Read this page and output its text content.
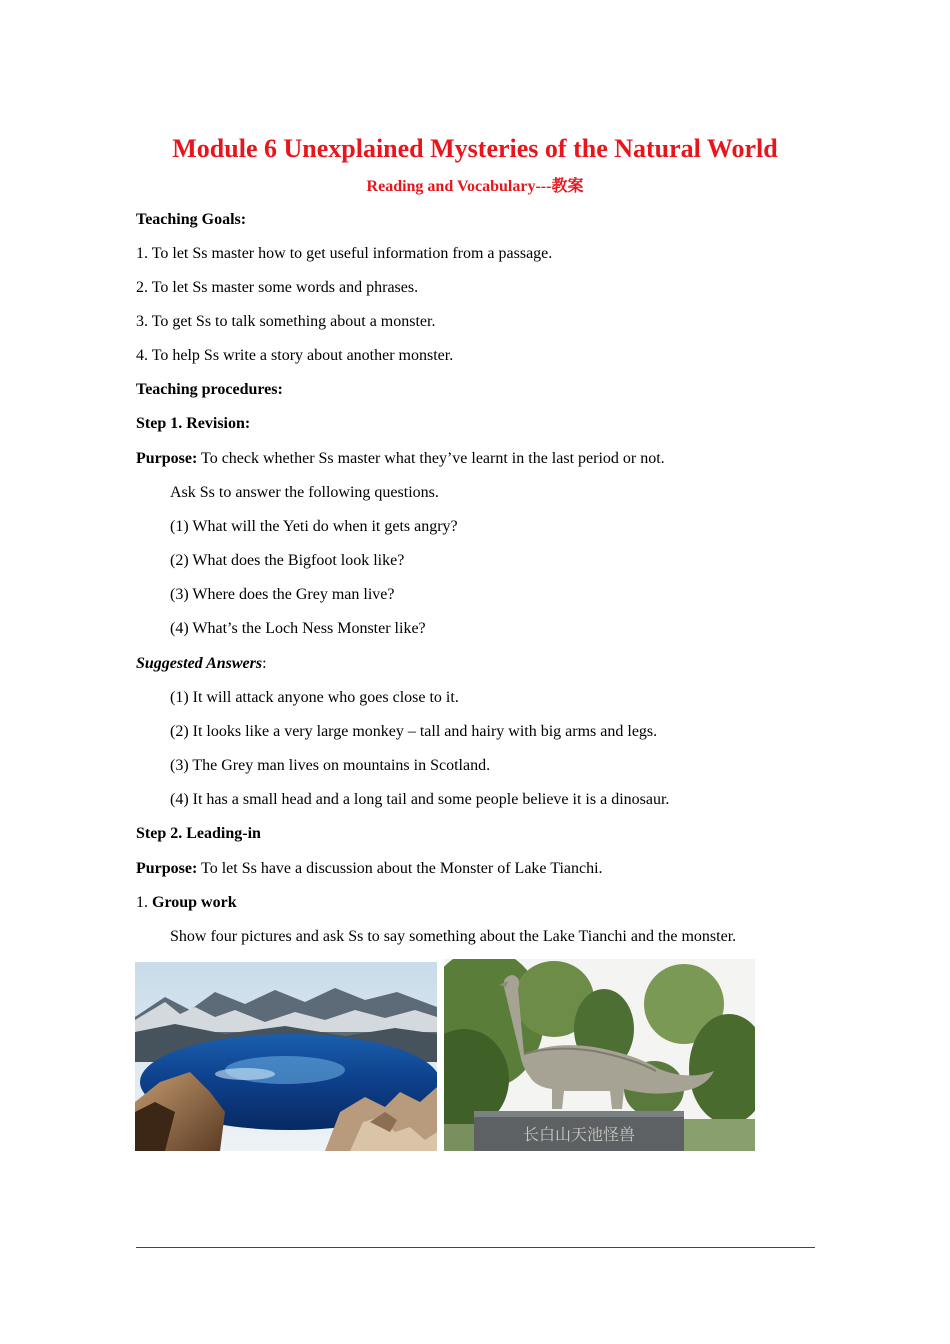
Module 6 Unexplained Mysteries of the Natural World
Reading and Vocabulary---教案
Teaching Goals:
1. To let Ss master how to get useful information from a passage.
2. To let Ss master some words and phrases.
3. To get Ss to talk something about a monster.
4. To help Ss write a story about another monster.
Teaching procedures:
Step 1. Revision:
Purpose: To check whether Ss master what they’ve learnt in the last period or not.
Ask Ss to answer the following questions.
(1) What will the Yeti do when it gets angry?
(2) What does the Bigfoot look like?
(3) Where does the Grey man live?
(4) What’s the Loch Ness Monster like?
Suggested Answers:
(1) It will attack anyone who goes close to it.
(2) It looks like a very large monkey – tall and hairy with big arms and legs.
(3) The Grey man lives on mountains in Scotland.
(4) It has a small head and a long tail and some people believe it is a dinosaur.
Step 2. Leading-in
Purpose: To let Ss have a discussion about the Monster of Lake Tianchi.
1. Group work
Show four pictures and ask Ss to say something about the Lake Tianchi and the monster.
长白山天池怪兽
